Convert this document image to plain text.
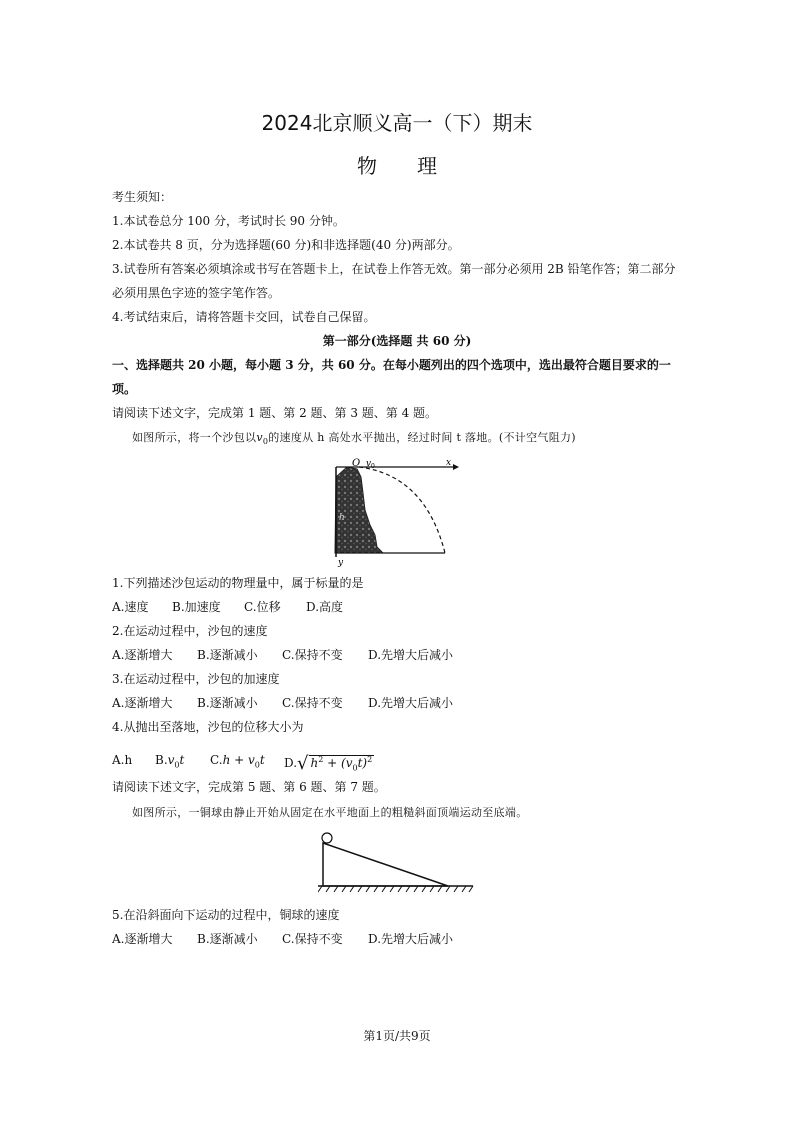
2024北京顺义高一（下）期末
物　　理
考生须知：
1.本试卷总分 100 分，考试时长 90 分钟。
2.本试卷共 8 页，分为选择题(60 分)和非选择题(40 分)两部分。
3.试卷所有答案必须填涂或书写在答题卡上，在试卷上作答无效。第一部分必须用 2B 铅笔作答；第二部分
必须用黑色字迹的签字笔作答。
4.考试结束后，请将答题卡交回，试卷自己保留。
第一部分(选择题 共 60 分)
一、选择题共 20 小题，每小题 3 分，共 60 分。在每小题列出的四个选项中，选出最符合题目要求的一
项。
请阅读下述文字，完成第 1 题、第 2 题、第 3 题、第 4 题。
如图所示，将一个沙包以$v_0$的速度从 h 高处水平抛出，经过时间 t 落地。(不计空气阻力)
O v 0	x
h
y
1.下列描述沙包运动的物理量中，属于标量的是
A.速度 B.加速度 C.位移 D.高度
2.在运动过程中，沙包的速度
A.逐渐增大 B.逐渐减小 C.保持不变 D.先增大后减小
3.在运动过程中，沙包的加速度
A.逐渐增大 B.逐渐减小 C.保持不变 D.先增大后减小
4.从抛出至落地，沙包的位移大小为
A.h $B.v_0t$ $C.h + v_0t$ D.√ $h^2 + (v_0t)^2$
请阅读下述文字，完成第 5 题、第 6 题、第 7 题。
如图所示，一铜球由静止开始从固定在水平地面上的粗糙斜面顶端运动至底端。
5.在沿斜面向下运动的过程中，铜球的速度
A.逐渐增大 B.逐渐减小 C.保持不变 D.先增大后减小
第1页/共9页
